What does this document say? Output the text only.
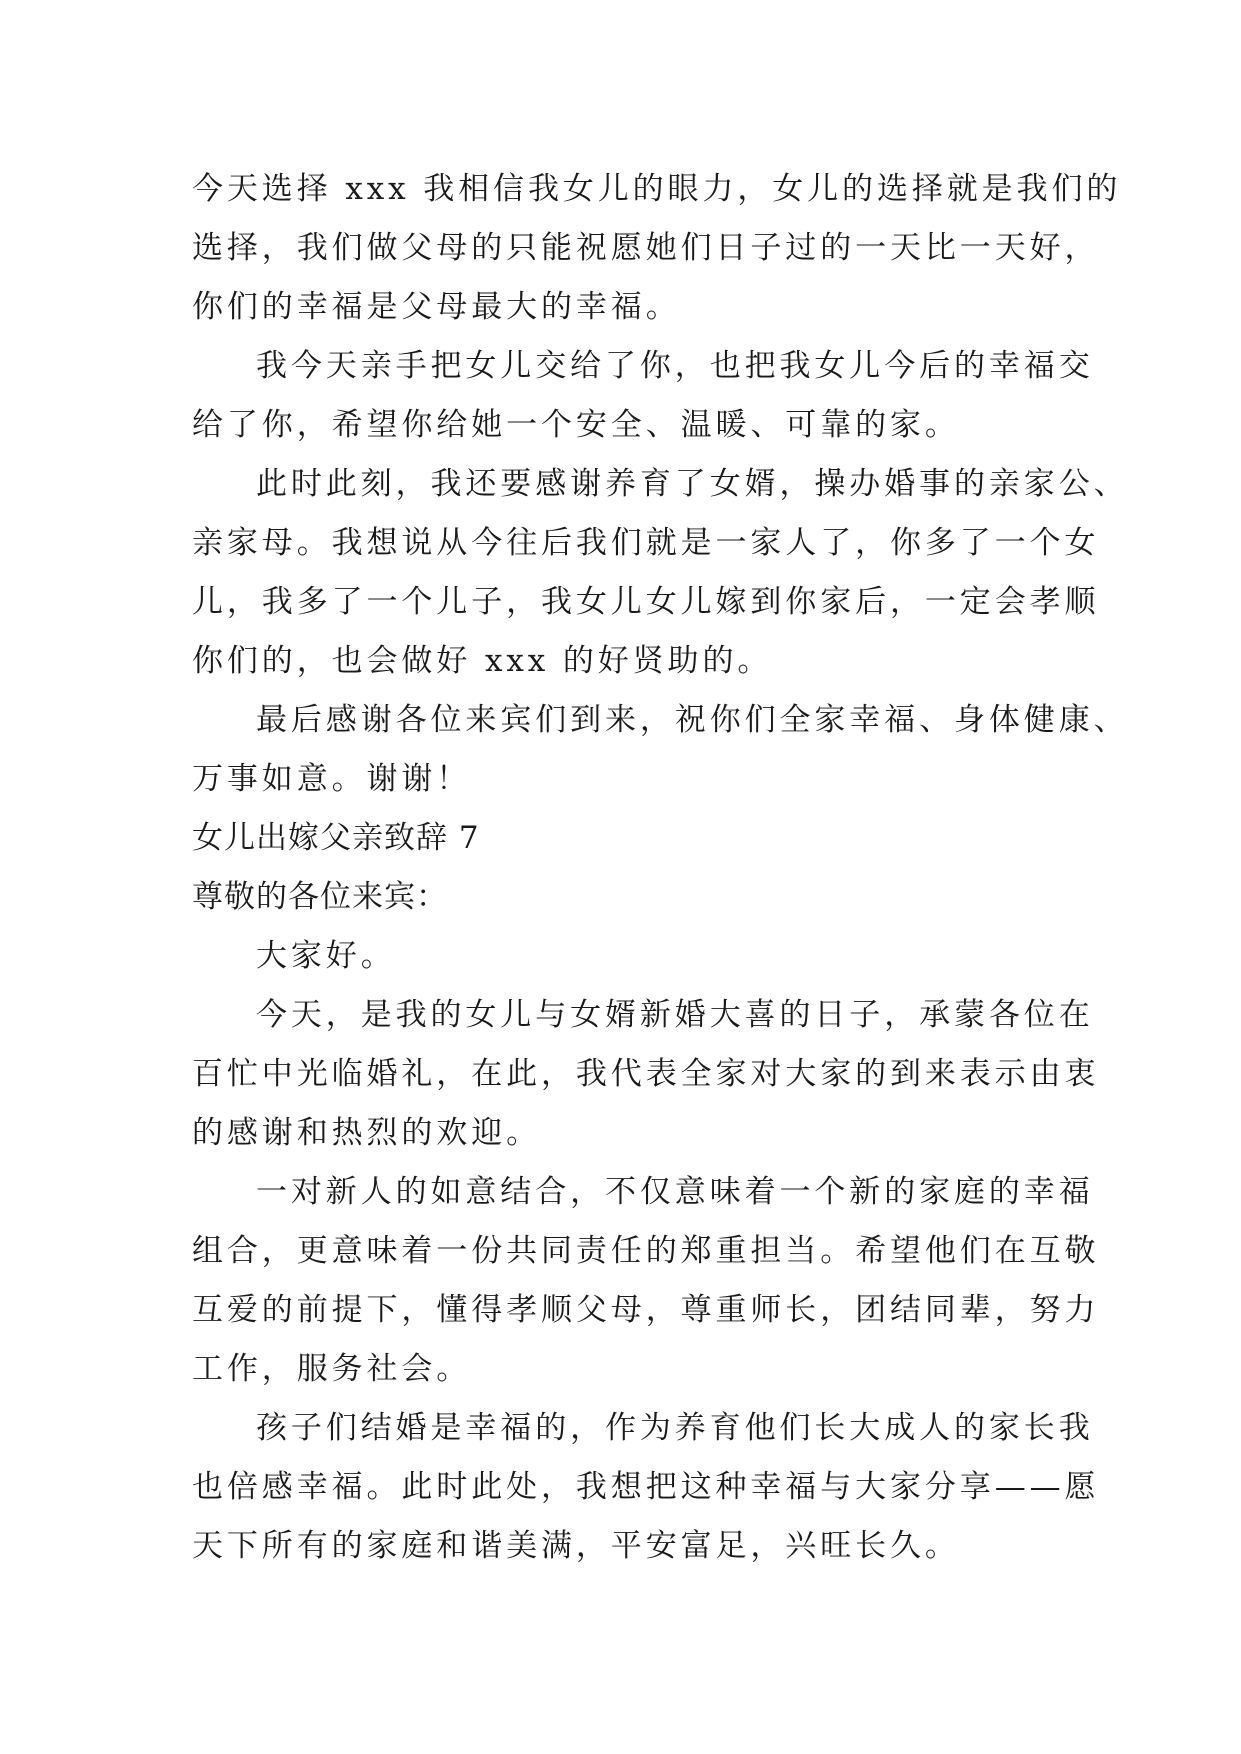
今天选择 xxx 我相信我女儿的眼力，女儿的选择就是我们的
选择，我们做父母的只能祝愿她们日子过的一天比一天好，
你们的幸福是父母最大的幸福。
我今天亲手把女儿交给了你，也把我女儿今后的幸福交
给了你，希望你给她一个安全、温暖、可靠的家。
此时此刻，我还要感谢养育了女婿，操办婚事的亲家公、
亲家母。我想说从今往后我们就是一家人了，你多了一个女
儿，我多了一个儿子，我女儿女儿嫁到你家后，一定会孝顺
你们的，也会做好 xxx 的好贤助的。
最后感谢各位来宾们到来，祝你们全家幸福、身体健康、
万事如意。谢谢！
女儿出嫁父亲致辞 7
尊敬的各位来宾：
大家好。
今天，是我的女儿与女婿新婚大喜的日子，承蒙各位在
百忙中光临婚礼，在此，我代表全家对大家的到来表示由衷
的感谢和热烈的欢迎。
一对新人的如意结合，不仅意味着一个新的家庭的幸福
组合，更意味着一份共同责任的郑重担当。希望他们在互敬
互爱的前提下，懂得孝顺父母，尊重师长，团结同辈，努力
工作，服务社会。
孩子们结婚是幸福的，作为养育他们长大成人的家长我
也倍感幸福。此时此处，我想把这种幸福与大家分享——愿
天下所有的家庭和谐美满，平安富足，兴旺长久。
